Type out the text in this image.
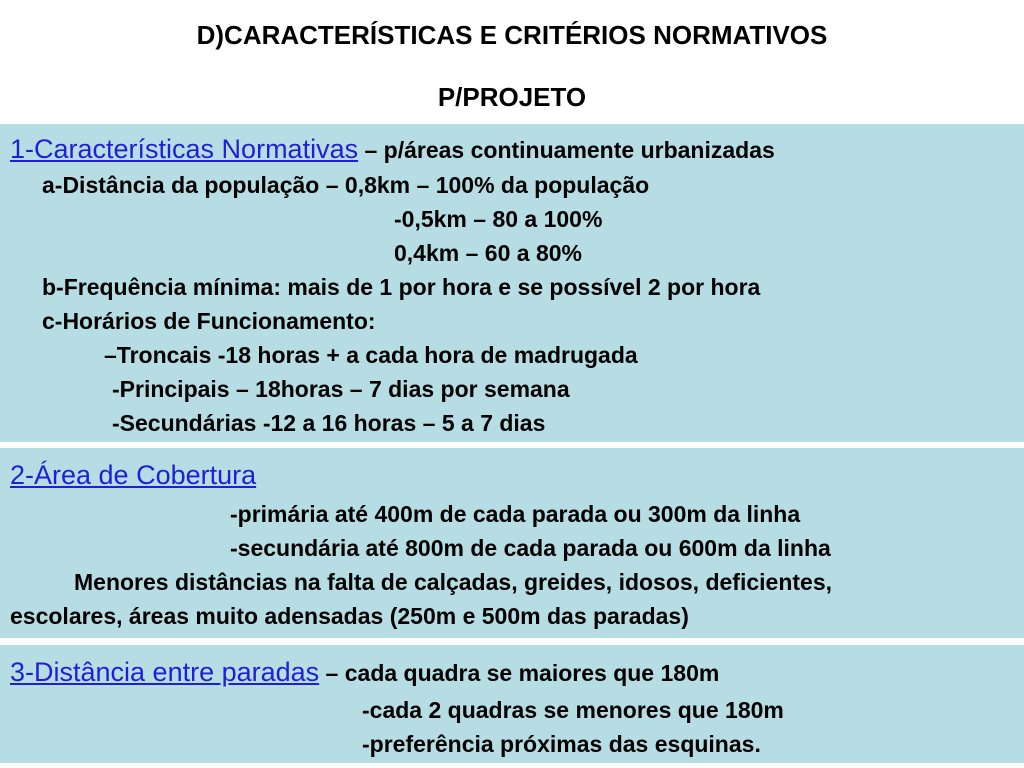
D)CARACTERÍSTICAS E CRITÉRIOS NORMATIVOS
P/PROJETO
1-Características Normativas – p/áreas continuamente urbanizadas
a-Distância da população – 0,8km – 100% da população
-0,5km – 80 a 100%
0,4km – 60 a 80%
b-Frequência mínima: mais de 1 por hora e se possível 2 por hora
c-Horários de Funcionamento:
–Troncais -18 horas + a cada hora de madrugada
-Principais – 18horas – 7 dias por semana
-Secundárias -12 a 16 horas – 5 a 7 dias
2-Área de Cobertura
-primária até 400m de cada parada ou 300m da linha
-secundária até 800m de cada parada ou 600m da linha
Menores distâncias na falta de calçadas, greides, idosos, deficientes,
escolares, áreas muito adensadas (250m e 500m das paradas)
3-Distância entre paradas – cada quadra se maiores que 180m
-cada 2 quadras se menores que 180m
-preferência próximas das esquinas.
